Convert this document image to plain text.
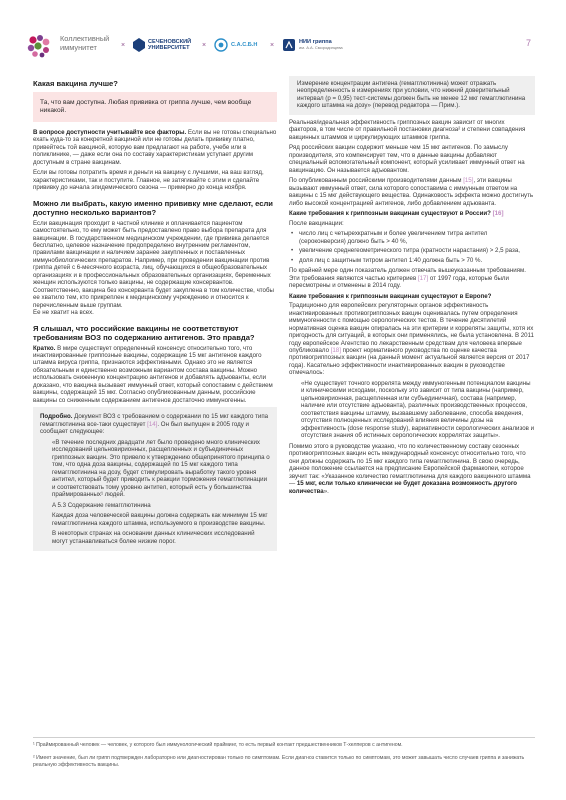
Коллективный
иммунитет	×
СЕЧЕНОВСКИЙ
УНИВЕРСИТЕТ ×	С.А.С.Б.Н ×
НИИ гриппа
им. А.А. Смородинцева	7
Какая вакцина лучше?
Та, что вам доступна. Любая прививка от гриппа лучше, чем вообще никакой.

В вопросе доступности учитывайте все факторы. Если вы не готовы специально ехать куда-то за конкретной вакциной или не готовы делать прививку платно, привейтесь той вакциной, которую вам предлагают на работе, учебе или в поликлинике, — даже если она по составу характеристикам уступает другим доступным в стране вакцинам.

Если вы готовы потратить время и деньги на вакцину с лучшими, на ваш взгляд, характеристиками, так и поступите. Главное, не затягивайте с этим и сделайте прививку до начала эпидемического сезона — примерно до конца ноября.

Можно ли выбрать, какую именно прививку мне сделают, если доступно несколько вариантов?

Если вакцинация проходит в частной клинике и оплачивается пациентом самостоятельно, то ему может быть предоставлено право выбора препарата для вакцинации. В государственном медицинском учреждении, где прививка делается бесплатно, целевое назначение предопределено внутренним регламентом, правилами вакцинации и наличием заранее закупленных и поставленных иммунобиологических препаратов. Например, при проведении вакцинации против гриппа детей с 6-месячного возраста, лиц, обучающихся в общеобразовательных организациях и в профессиональных образовательных организациях, беременных женщин используются только вакцины, не содержащие консервантов. Соответственно, вакцина без консерванта будет закуплена в том количестве, чтобы ее хватило тем, кто прикреплен к медицинскому учреждению и относится к перечисленным выше группам.

Ее не хватит на всех.

Я слышал, что российские вакцины не соответствуют требованиям ВОЗ по содержанию антигенов. Это правда?

Кратко. В мире существует определенный консенсус относительно того, что инактивированные гриппозные вакцины, содержащие 15 мкг антигенов каждого штамма вируса гриппа, признаются эффективными. Однако это не является обязательным и единственно возможным вариантом состава вакцины. Можно использовать сниженную концентрацию антигенов и добавлять адъюванты, если доказано, что вакцина вызывает иммунный ответ, который сопоставим с действием вакцины, содержащей 15 мкг. Согласно опубликованным данным, российские вакцины со сниженным содержанием антигенов достаточно иммуногенны.

Подробно. Документ ВОЗ с требованием о содержании по 15 мкг каждого типа гемагглютинина все-таки существует [14]. Он был выпущен в 2005 году и сообщает следующее:

«В течение последних двадцати лет было проведено много клинических исследований цельновирионных, расщепленных и субъединичных гриппозных вакцин. Это привело к утверждению общепринятого принципа о том, что одна доза вакцины, содержащей по 15 мкг каждого типа гемагглютинина на дозу, будет стимулировать выработку такого уровня антител, который будет приводить к реакции торможения гемагглютинации и соответствовать тому уровню антител, который есть у большинства праймированных¹ людей.

A 5.3 Содержание гемагглютинина

Каждая доза человеческой вакцины должна содержать как минимум 15 мкг гемагглютинина каждого штамма, используемого в производстве вакцины.

В некоторых странах на основании данных клинических исследований могут устанавливаться более низкие порог.

Измерение концентрации антигена (гемагглютинина) может отражать неопределенность в измерениях при условии, что нижний доверительный интервал (р = 0,95) тест-системы должен быть не менее 12 мкг гемагглютинина каждого штамма на дозу» (перевод редактора — Прим.).

Реальная/идеальная эффективность гриппозных вакцин зависит от многих факторов, в том числе от правильной постановки диагноза² и степени совпадения вакцинных штаммов и циркулирующих штаммов гриппа.

Ряд российских вакцин содержит меньше чем 15 мкг антигенов. По замыслу производителя, это компенсирует тем, что в данные вакцины добавляют специальный вспомогательный компонент, который усиливает иммунный ответ на вакцинацию. Он называется адъювантом.

По опубликованным российскими производителями данным [15], эти вакцины вызывают иммунный ответ, сила которого сопоставима с иммунным ответом на вакцины с 15 мкг действующего вещества. Одинаковость эффекта можно достигнуть либо высокой концентрацией антигенов, либо добавлением адъюванта.

Какие требования к гриппозным вакцинам существуют в России? [16]

После вакцинации:

• число лиц с четырехкратным и более увеличением титра антител (сероконверсия) должно быть > 40 %,
• увеличение среднегеометрического титра (кратности нарастания) > 2,5 раза,
• доля лиц с защитным титром антител 1:40 должна быть > 70 %.

По крайней мере один показатель должен отвечать вышеуказанным требованиям. Эти требования являются частью критериев [17] от 1997 года, которые были пересмотрены и отменены в 2014 году.

Какие требования к гриппозным вакцинам существуют в Европе?

Традиционно для европейских регуляторных органов эффективность инактивированных противогриппозных вакцин оценивалась путем определения иммуногенности с помощью серологических тестов. В течение десятилетий нормативная оценка вакцин опиралась на эти критерии и корреляты защиты, хотя их пригодность для ситуаций, в которых они применялись, не была установлена. В 2011 году европейское Агентство по лекарственным средствам для человека впервые опубликовало [18] проект нормативного руководства по оценке качества противогриппозных вакцин (на данный момент актуальной является версия от 2017 года). Касательно эффективности инактивированных вакцин в руководстве отмечалось:

«Не существует точного коррелята между иммуногенным потенциалом вакцины и клиническими исходами, поскольку это зависит от типа вакцины (например, цельновирионная, расщепленная или субъединичная), состава (например, наличие или отсутствие адъюванта), различных производственных процессов, соответствия вакцины штамму, вызвавшему заболевание, способа введения, отсутствия полноценных исследований влияния величины дозы на эффективность (dose response study), вариативности серологических анализов и отсутствия знания об истинных серологических коррелятах защиты».

Помимо этого в руководстве указано, что по количественному составу сезонных противогриппозных вакцин есть международный консенсус относительно того, что они должны содержать по 15 мкг каждого типа гемагглютинина. В свою очередь, данное положение ссылается на предписание Европейской фармакопеи, которое звучит так: «Указанное количество гемагглютинина для каждого вакцинного штамма — 15 мкг, если только клинически не будет доказана возможность другого количества».

¹ Праймированный человек — человек, у которого был иммунологический прайминг, то есть первый контакт предшественников Т-хелперов с антигеном.

² Имеет значение, был ли грипп подтвержден лабораторно или диагностирован только по симптомам. Если диагноз ставится только по симптомам, это может завышать число случаев гриппа и занижать реальную эффективность вакцины.
